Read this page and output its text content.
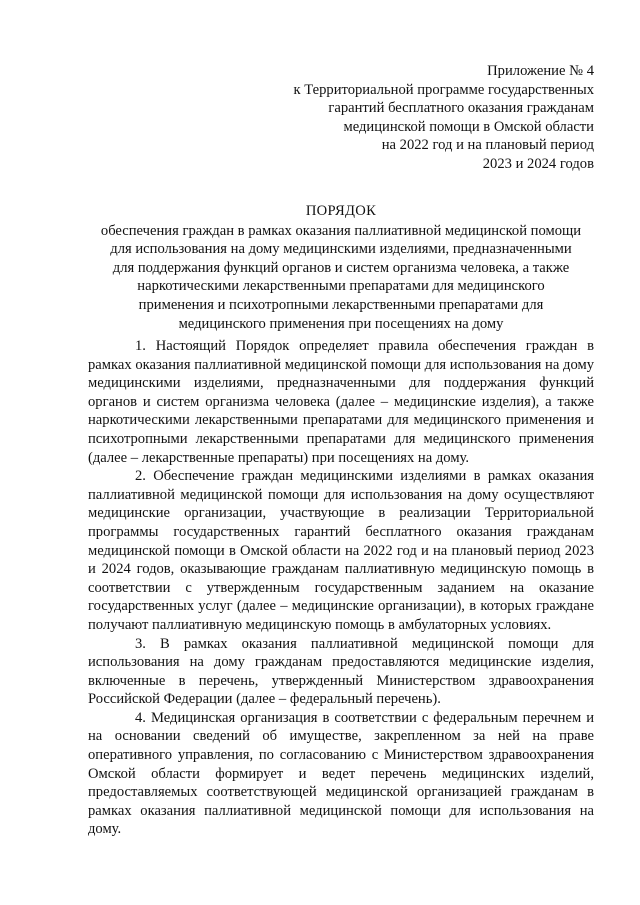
Приложение № 4
к Территориальной программе государственных
гарантий бесплатного оказания гражданам
медицинской помощи в Омской области
на 2022 год и на плановый период
2023 и 2024 годов
ПОРЯДОК
обеспечения граждан в рамках оказания паллиативной медицинской помощи
для использования на дому медицинскими изделиями, предназначенными
для поддержания функций органов и систем организма человека, а также
наркотическими лекарственными препаратами для медицинского
применения и психотропными лекарственными препаратами для
медицинского применения при посещениях на дому

1. Настоящий Порядок определяет правила обеспечения граждан в рамках оказания паллиативной медицинской помощи для использования на дому медицинскими изделиями, предназначенными для поддержания функций органов и систем организма человека (далее – медицинские изделия), а также наркотическими лекарственными препаратами для медицинского применения и психотропными лекарственными препаратами для медицинского применения (далее – лекарственные препараты) при посещениях на дому.

2. Обеспечение граждан медицинскими изделиями в рамках оказания паллиативной медицинской помощи для использования на дому осуществляют медицинские организации, участвующие в реализации Территориальной программы государственных гарантий бесплатного оказания гражданам медицинской помощи в Омской области на 2022 год и на плановый период 2023 и 2024 годов, оказывающие гражданам паллиативную медицинскую помощь в соответствии с утвержденным государственным заданием на оказание государственных услуг (далее – медицинские организации), в которых граждане получают паллиативную медицинскую помощь в амбулаторных условиях.

3. В рамках оказания паллиативной медицинской помощи для использования на дому гражданам предоставляются медицинские изделия, включенные в перечень, утвержденный Министерством здравоохранения Российской Федерации (далее – федеральный перечень).

4. Медицинская организация в соответствии с федеральным перечнем и на основании сведений об имуществе, закрепленном за ней на праве оперативного управления, по согласованию с Министерством здравоохранения Омской области формирует и ведет перечень медицинских изделий, предоставляемых соответствующей медицинской организацией гражданам в рамках оказания паллиативной медицинской помощи для использования на дому.
